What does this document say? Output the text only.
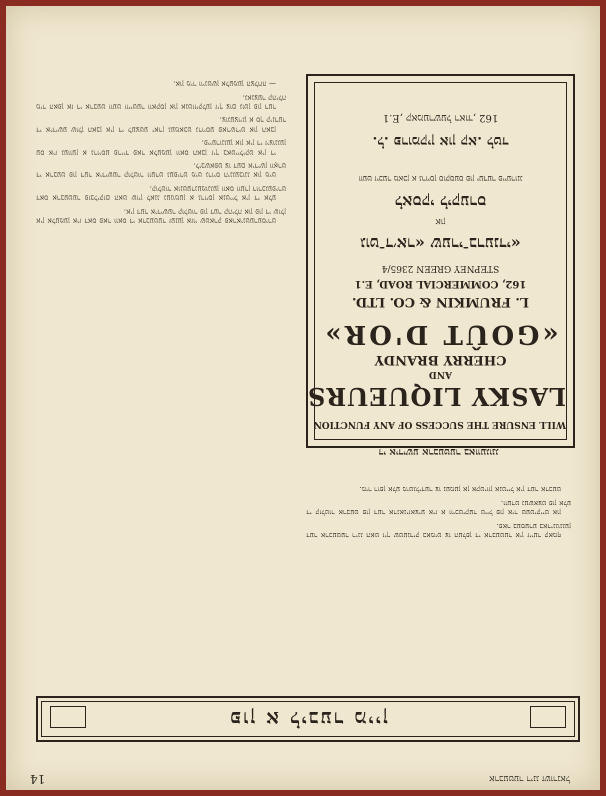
אין אלעמען איז דאס פאר וואס די ארבעטער זענען אזוי שטארק פאראינטערעסירט אין דער אידישער קולטור פון דער קהילה און פון די שולן.

דאס ארבעטער פובליקום האט שוין לאנג גענומען א גרויסן אנטייל אין די אלע קולטור אונטערנעמונגען וואס ווערן דורכגעפירט.

די ארבעט פון דער אידישער קולטור ווערט געפירט מיט גרויס הינגעבונג און מיט ליבשאפט צו דעם אידישן וואָרט.

עס איז געווען א גרויסע פרייד פאר אלעמען וואס האבן זיך באטייליקט אין די פייערונגען און אין די זיצונגען.

די אידישע שולן האבן אין די לעצטע יארן געמאכט גרויסע פארשריט און האבן צוגעצויגן א סך קינדער.

מיר האפן אז די ארבעט וועט ווייטער וואקסן און אנטוויקלען זיך צום גוטן פון דער גאנצער קהילה.

— און מיר ווינטשן אלעמען הצלחה.

WILL ENSURE THE SUCCESS OF ANY FUNCTION
LASKY LIQUEURS
AND
CHERRY BRANDY
«GOÛT D'OR»
L. FRUMKIN & CO. LTD.
162, COMMERCIAL ROAD, E.1
STEPNEY GREEN 2365/4
«גוט־ד׳אר» שערי־ברענדי
און
לאסקי ליקערס
וועט זיכער מאכן א גרויסן סוקסעס פון יעדער פייערונג
ל. פרומקין און קא. לטד.
162 ,קאמערשעל ראוד ,E.1
די אידישע ארבעטער באוועגונג

דער ארבעטער רינג האט זיך שטענדיק באמיט צו העלפן די ארבעטער אין זייער קאמף פאר בעסערע באדינגונגען.

די קולטור ארבעט פון דער ארגאניזאציע איז א וויכטיקער טייל פון איר טעטיקייט און ווערט געשאצט פון אלע.

מיר רופן אלע מיטגלידער צו נעמען אן אקטיוון אנטייל אין דער ארבעט.

פון א ליבער מיין
ארבעטער רינג זשורנאל
14
